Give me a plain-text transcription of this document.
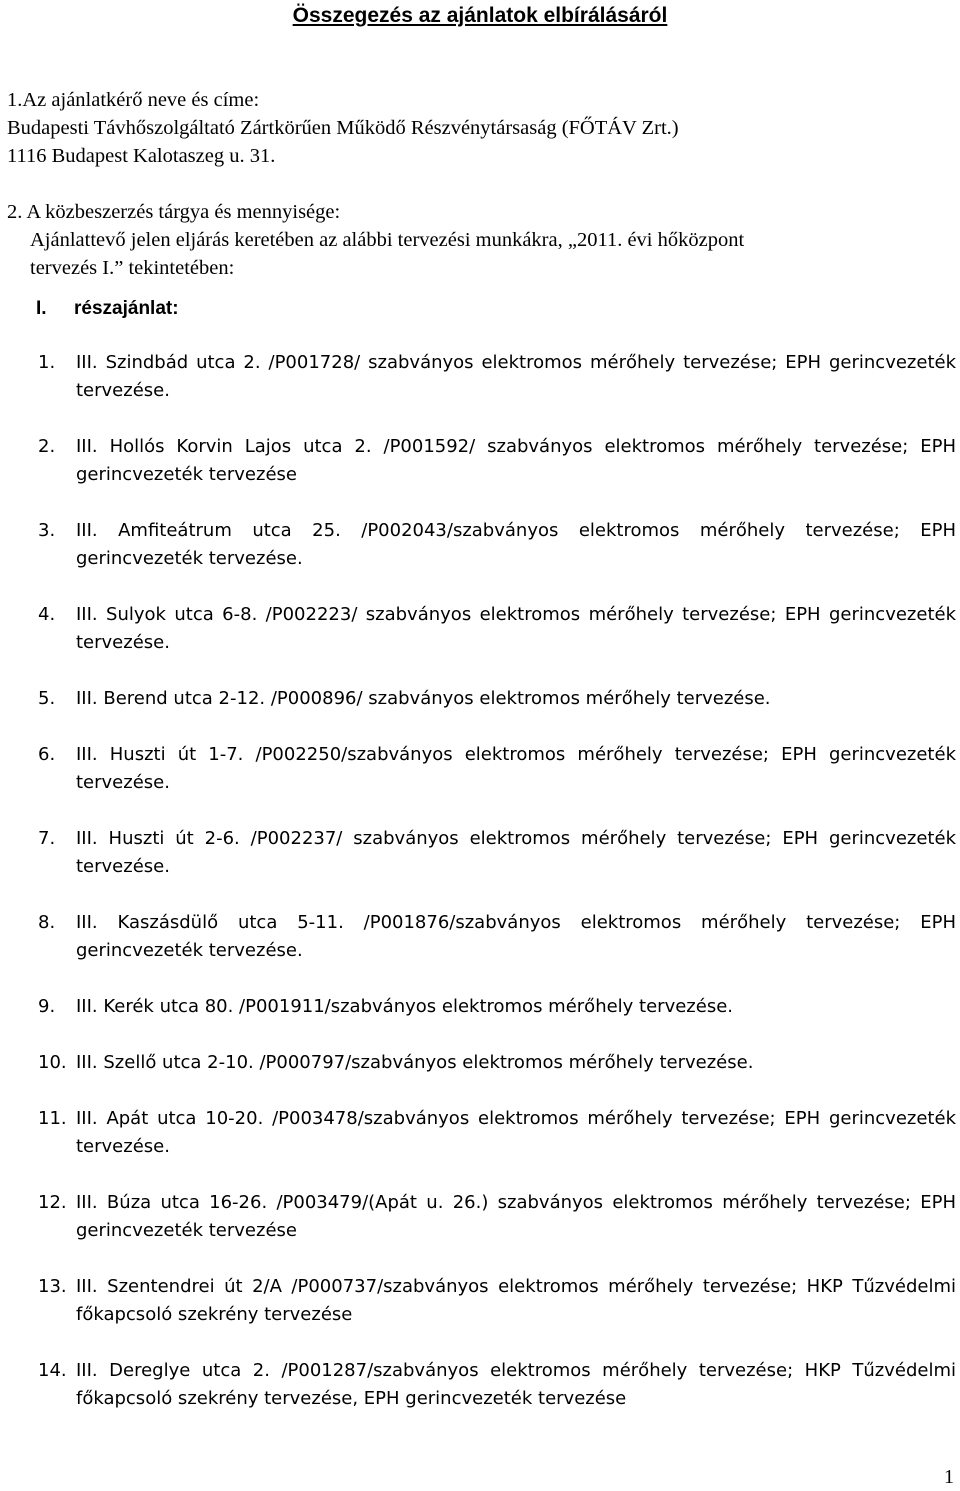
Összegezés az ajánlatok elbírálásáról
1.Az ajánlatkérő neve és címe:
Budapesti Távhőszolgáltató Zártkörűen Működő Részvénytársaság (FŐTÁV Zrt.)
1116 Budapest Kalotaszeg u. 31.
2. A közbeszerzés tárgya és mennyisége:
Ajánlattevő jelen eljárás keretében az alábbi tervezési munkákra, „2011. évi hőközpont
tervezés I.” tekintetében:
I. részajánlat:
1. III. Szindbád utca 2. /P001728/ szabványos elektromos mérőhely tervezése; EPH gerincvezeték tervezése.
2. III. Hollós Korvin Lajos utca 2. /P001592/ szabványos elektromos mérőhely tervezése; EPH gerincvezeték tervezése
3. III. Amfiteátrum utca 25. /P002043/szabványos elektromos mérőhely tervezése; EPH gerincvezeték tervezése.
4. III. Sulyok utca 6-8. /P002223/ szabványos elektromos mérőhely tervezése; EPH gerincvezeték tervezése.
5. III. Berend utca 2-12. /P000896/ szabványos elektromos mérőhely tervezése.
6. III. Huszti út 1-7. /P002250/szabványos elektromos mérőhely tervezése; EPH gerincvezeték tervezése.
7. III. Huszti út 2-6. /P002237/ szabványos elektromos mérőhely tervezése; EPH gerincvezeték tervezése.
8. III. Kaszásdülő utca 5-11. /P001876/szabványos elektromos mérőhely tervezése; EPH gerincvezeték tervezése.
9. III. Kerék utca 80. /P001911/szabványos elektromos mérőhely tervezése.
10. III. Szellő utca 2-10. /P000797/szabványos elektromos mérőhely tervezése.
11. III. Apát utca 10-20. /P003478/szabványos elektromos mérőhely tervezése; EPH gerincvezeték tervezése.
12. III. Búza utca 16-26. /P003479/(Apát u. 26.) szabványos elektromos mérőhely tervezése; EPH gerincvezeték tervezése
13. III. Szentendrei út 2/A /P000737/szabványos elektromos mérőhely tervezése; HKP Tűzvédelmi főkapcsoló szekrény tervezése
14. III. Dereglye utca 2. /P001287/szabványos elektromos mérőhely tervezése; HKP Tűzvédelmi főkapcsoló szekrény tervezése, EPH gerincvezeték tervezése
1
